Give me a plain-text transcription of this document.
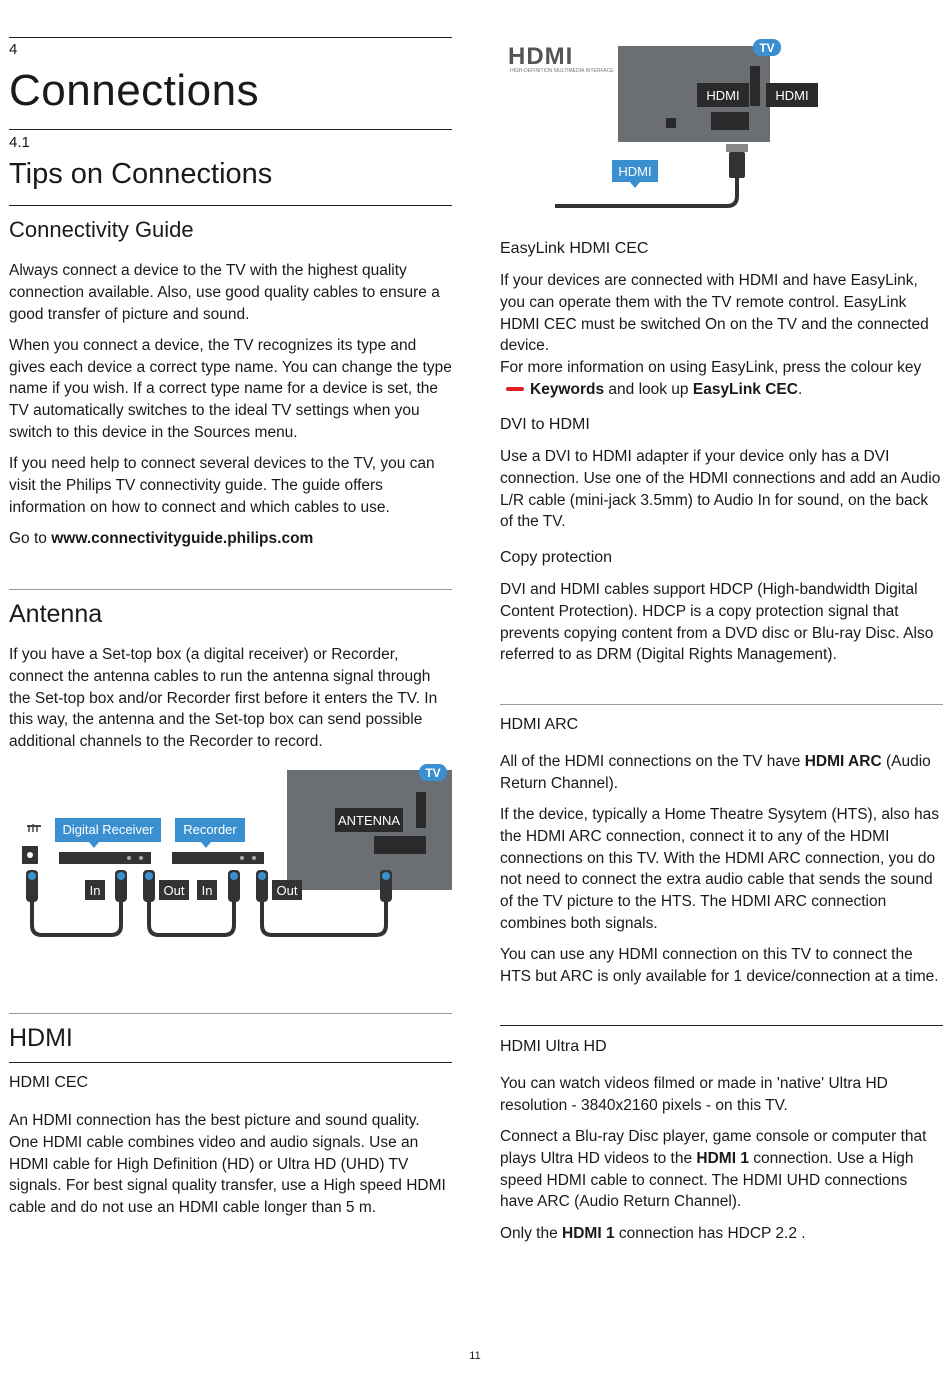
4
Connections
4.1
Tips on Connections
Connectivity Guide

Always connect a device to the TV with the highest quality connection available. Also, use good quality cables to ensure a good transfer of picture and sound.

When you connect a device, the TV recognizes its type and gives each device a correct type name. You can change the type name if you wish. If a correct type name for a device is set, the TV automatically switches to the ideal TV settings when you switch to this device in the Sources menu.

If you need help to connect several devices to the TV, you can visit the Philips TV connectivity guide. The guide offers information on how to connect and which cables to use.

Go to www.connectivityguide.philips.com

Antenna

If you have a Set-top box (a digital receiver) or Recorder, connect the antenna cables to run the antenna signal through the Set-top box and/or Recorder first before it enters the TV. In this way, the antenna and the Set-top box can send possible additional channels to the Recorder to record.

ANTENNA
TV
Digital Receiver Recorder
In	Out In	Out
HDMI
HDMI CEC

An HDMI connection has the best picture and sound quality. One HDMI cable combines video and audio signals. Use an HDMI cable for High Definition (HD) or Ultra HD (UHD) TV signals. For best signal quality transfer, use a High speed HDMI cable and do not use an HDMI cable longer than 5 m.

HDMI
HIGH-DEFINITION MULTIMEDIA INTERFACE
HDMI	HDMI
TV
HDMI
EasyLink HDMI CEC

If your devices are connected with HDMI and have EasyLink, you can operate them with the TV remote control. EasyLink HDMI CEC must be switched On on the TV and the connected device.

For more information on using EasyLink, press the colour key Keywords and look up EasyLink CEC.

DVI to HDMI

Use a DVI to HDMI adapter if your device only has a DVI connection. Use one of the HDMI connections and add an Audio L/R cable (mini-jack 3.5mm) to Audio In for sound, on the back of the TV.

Copy protection

DVI and HDMI cables support HDCP (High-bandwidth Digital Content Protection). HDCP is a copy protection signal that prevents copying content from a DVD disc or Blu-ray Disc. Also referred to as DRM (Digital Rights Management).

HDMI ARC

All of the HDMI connections on the TV have HDMI ARC (Audio Return Channel).

If the device, typically a Home Theatre Sysytem (HTS), also has the HDMI ARC connection, connect it to any of the HDMI connections on this TV. With the HDMI ARC connection, you do not need to connect the extra audio cable that sends the sound of the TV picture to the HTS. The HDMI ARC connection combines both signals.

You can use any HDMI connection on this TV to connect the HTS but ARC is only available for 1 device/connection at a time.

HDMI Ultra HD

You can watch videos filmed or made in 'native' Ultra HD resolution - 3840x2160 pixels - on this TV.

Connect a Blu-ray Disc player, game console or computer that plays Ultra HD videos to the HDMI 1 connection. Use a High speed HDMI cable to connect. The HDMI UHD connections have ARC (Audio Return Channel).

Only the HDMI 1 connection has HDCP 2.2 .

11
